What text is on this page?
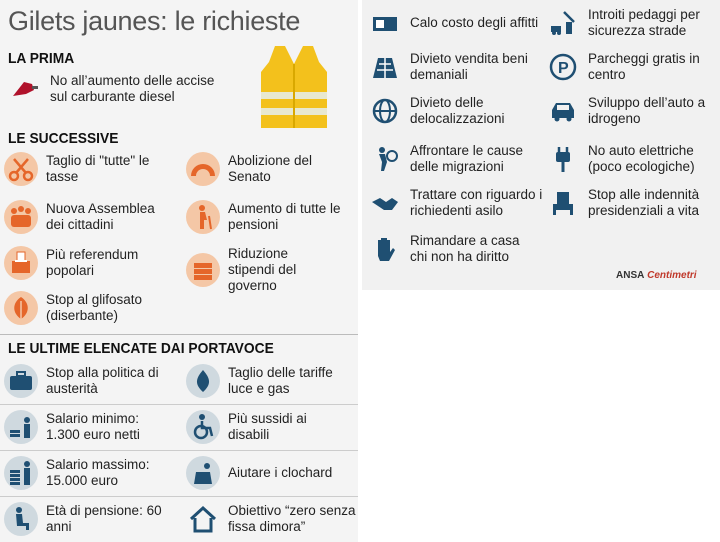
Gilets jaunes: le richieste
LA PRIMA
No all’aumento delle accise sul carburante diesel
LE SUCCESSIVE
Taglio di "tutte" le tasse
Nuova Assemblea dei cittadini
Più referendum popolari
Stop al glifosato (diserbante)
Abolizione del Senato
Aumento di tutte le pensioni
Riduzione stipendi del governo
LE ULTIME ELENCATE DAI PORTAVOCE
Stop alla politica di austerità
Salario minimo: 1.300 euro netti
Salario massimo: 15.000 euro
Età di pensione: 60 anni
Taglio delle tariffe luce e gas
Più sussidi ai disabili
Aiutare i clochard
Obiettivo “zero senza fissa dimora”
Calo costo degli affitti
Divieto vendita beni demaniali
Divieto delle delocalizzazioni
Affrontare le cause delle migrazioni
Trattare con riguardo i richiedenti asilo
Rimandare a casa chi non ha diritto
Introiti pedaggi per sicurezza strade
P
Parcheggi gratis in centro
Sviluppo dell’auto a idrogeno
No auto elettriche (poco ecologiche)
Stop alle indennità presidenziali a vita
ANSA Centimetri
